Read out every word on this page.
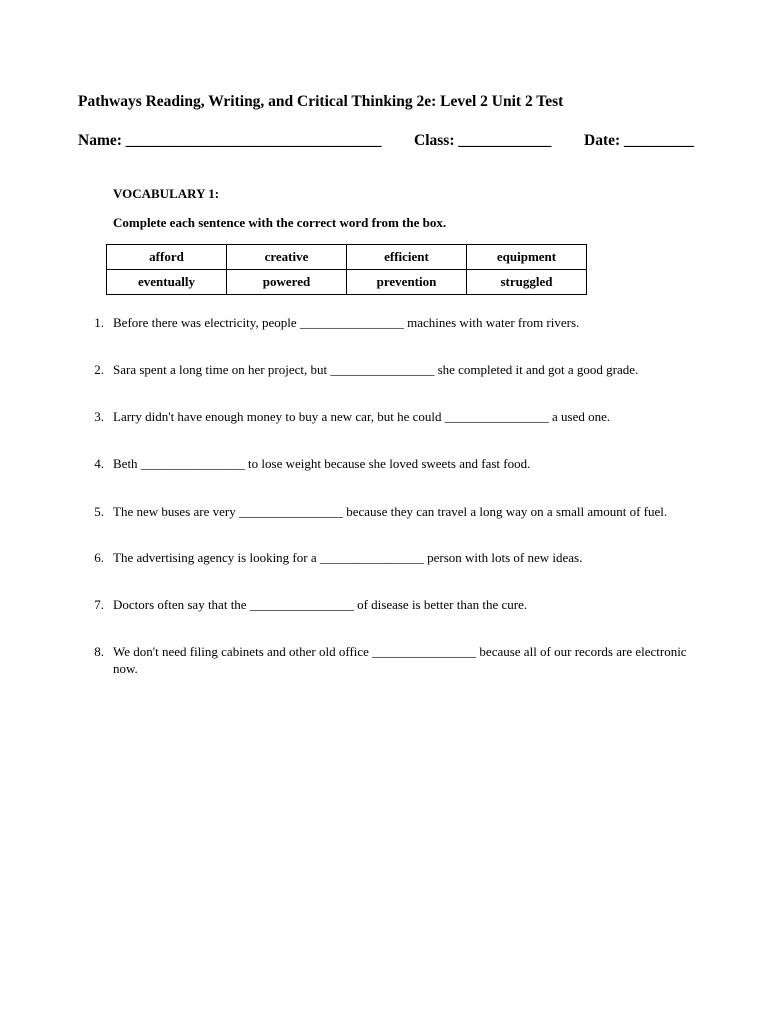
Pathways Reading, Writing, and Critical Thinking 2e: Level 2 Unit 2 Test
Name: _________________________________ Class: ____________ Date: _________
VOCABULARY 1:
Complete each sentence with the correct word from the box.
afford	creative	efficient	equipment
eventually	powered	prevention	struggled
1. Before there was electricity, people ________________ machines with water from rivers.
2. Sara spent a long time on her project, but ________________ she completed it and got a good grade.
3. Larry didn't have enough money to buy a new car, but he could ________________ a used one.
4. Beth ________________ to lose weight because she loved sweets and fast food.
5. The new buses are very ________________ because they can travel a long way on a small amount of fuel.
6. The advertising agency is looking for a ________________ person with lots of new ideas.
7. Doctors often say that the ________________ of disease is better than the cure.
8. We don't need filing cabinets and other old office ________________ because all of our records are electronic now.
